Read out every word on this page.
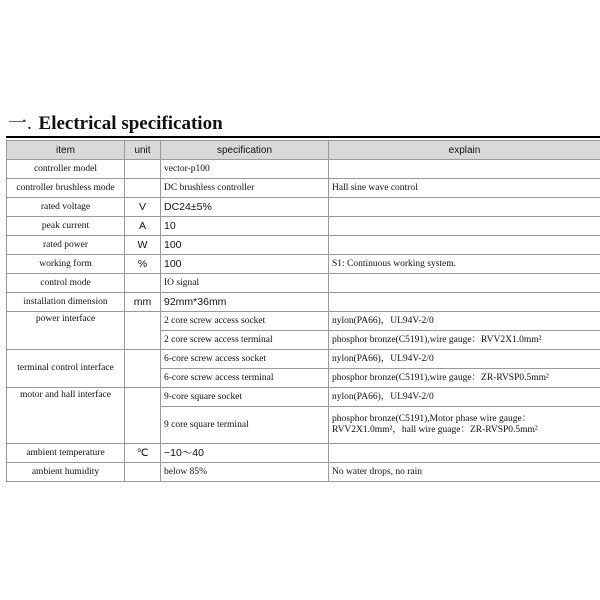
一. Electrical specification
item	unit	specification	explain
controller model		vector-p100	
controller brushless mode		DC brushless controller	Hall sine wave control
rated voltage	V	DC24±5%	
peak current	A	10	
rated power	W	100	
working form	%	100	S1: Continuous working system.
control mode		IO signal	
installation dimension	mm	92mm*36mm	
power interface		2 core screw access socket	nylon(PA66)，UL94V-2/0
		2 core screw access terminal	phosphor bronze(C5191),wire gauge：RVV2X1.0mm²
terminal control interface		6-core screw access socket	nylon(PA66)，UL94V-2/0
		6-core screw access terminal	phosphor bronze(C5191),wire gauge：ZR-RVSP0.5mm²
motor and hall interface		9-core square socket	nylon(PA66)，UL94V-2/0
		9 core square terminal	phosphor bronze(C5191),Motor phase wire gauge：RVV2X1.0mm²，hall wire guage：ZR-RVSP0.5mm²
ambient temperature	℃	−10～40	
ambient humidity		below 85%	No water drops, no rain
